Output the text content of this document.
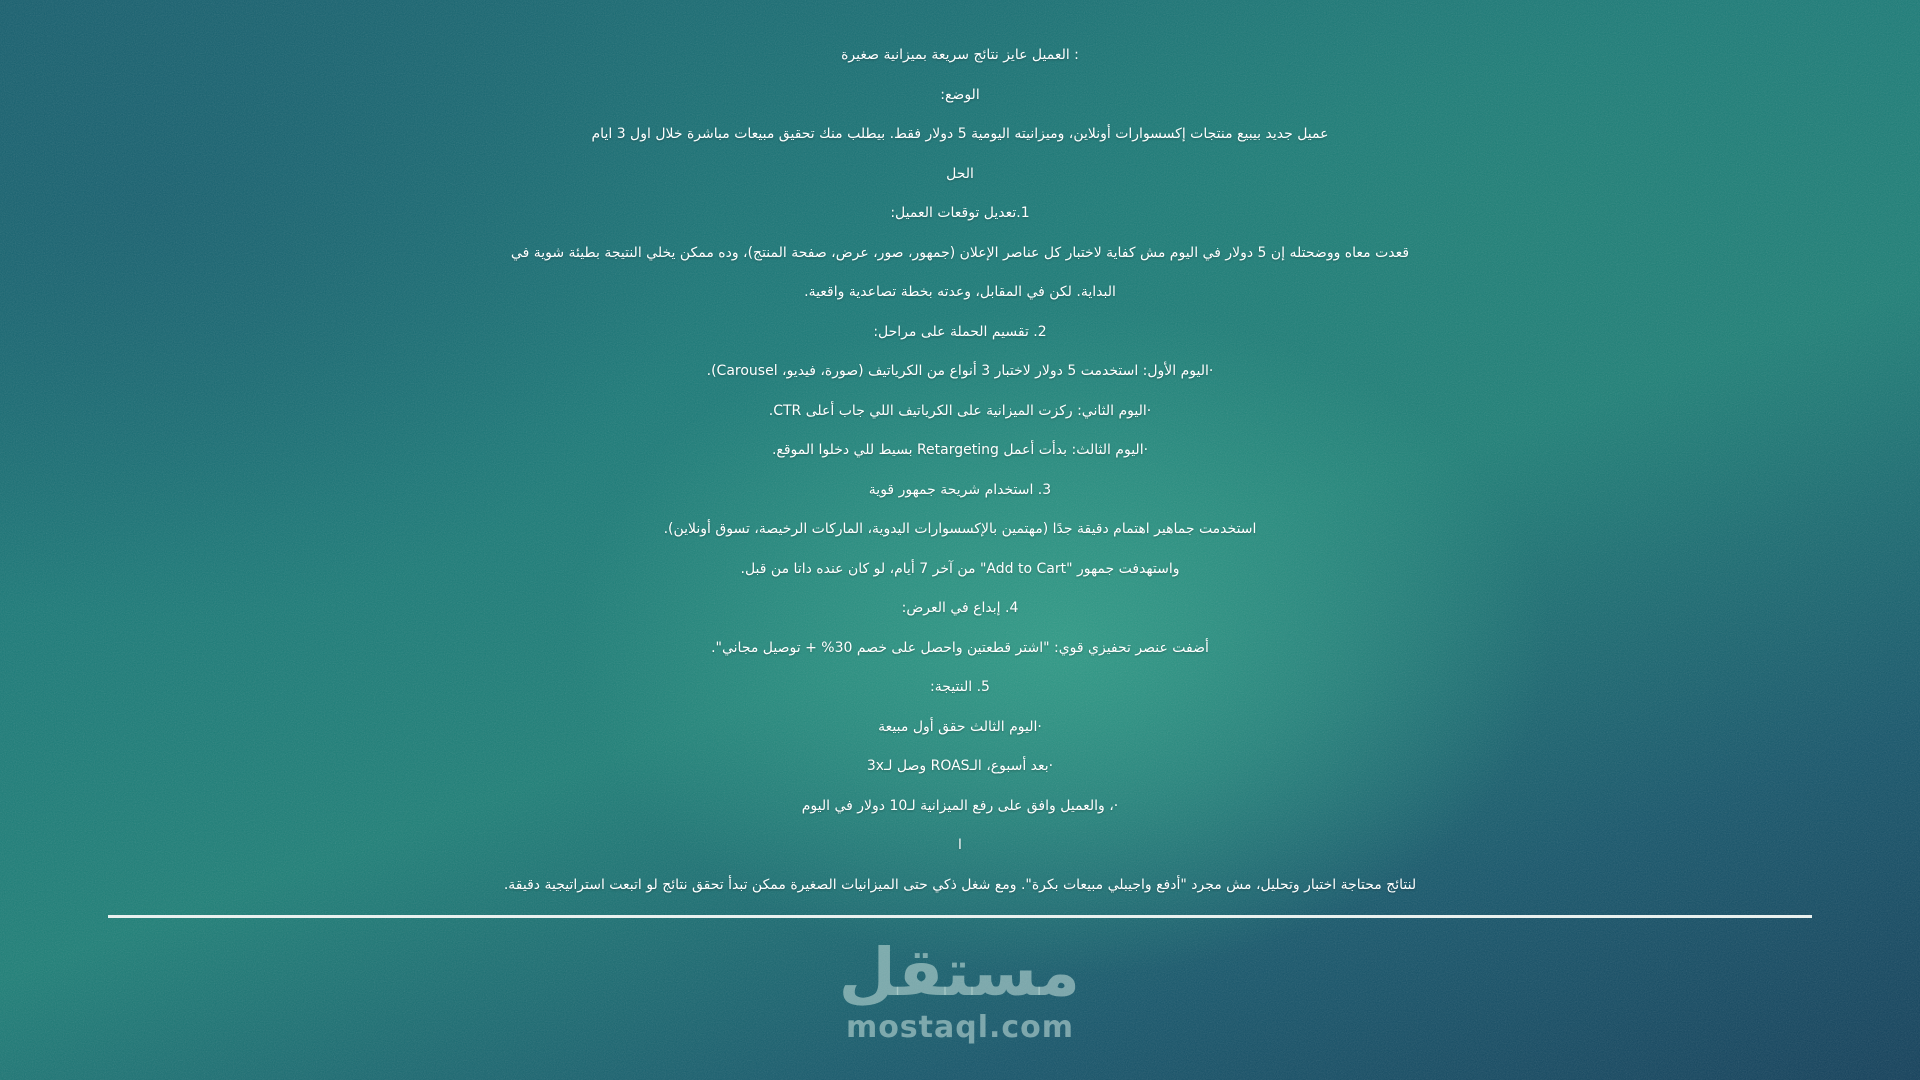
: العميل عايز نتائج سريعة بميزانية صغيرة
الوضع:
عميل جديد بيبيع منتجات إكسسوارات أونلاين، وميزانيته اليومية 5 دولار فقط. بيطلب منك تحقيق مبيعات مباشرة خلال اول 3 ايام
الحل
1.تعديل توقعات العميل:
قعدت معاه ووضحتله إن 5 دولار في اليوم مش كفاية لاختبار كل عناصر الإعلان (جمهور، صور، عرض، صفحة المنتج)، وده ممكن يخلي النتيجة بطيئة شوية في
البداية. لكن في المقابل، وعدته بخطة تصاعدية واقعية.
2. تقسيم الحملة على مراحل:
·اليوم الأول: استخدمت 5 دولار لاختبار 3 أنواع من الكرياتيف (صورة، فيديو، Carousel).
·اليوم الثاني: ركزت الميزانية على الكرياتيف اللي جاب أعلى CTR.
·اليوم الثالث: بدأت أعمل Retargeting بسيط للي دخلوا الموقع.
3. استخدام شريحة جمهور قوية
استخدمت جماهير اهتمام دقيقة جدًا (مهتمين بالإكسسوارات اليدوية، الماركات الرخيصة، تسوق أونلاين).
واستهدفت جمهور "Add to Cart" من آخر 7 أيام، لو كان عنده داتا من قبل.
4. إبداع في العرض:
أضفت عنصر تحفيزي قوي: "اشتر قطعتين واحصل على خصم 30% + توصيل مجاني".
5. النتيجة:
·اليوم الثالث حقق أول مبيعة
·بعد أسبوع، الـROAS وصل لـ3x
·، والعميل وافق على رفع الميزانية لـ10 دولار في اليوم
ا
لنتائج محتاجة اختبار وتحليل، مش مجرد "أدفع واجيبلي مبيعات بكرة". ومع شغل ذكي حتى الميزانيات الصغيرة ممكن تبدأ تحقق نتائج لو اتبعت استراتيجية دقيقة.
مستقل
mostaql.com
